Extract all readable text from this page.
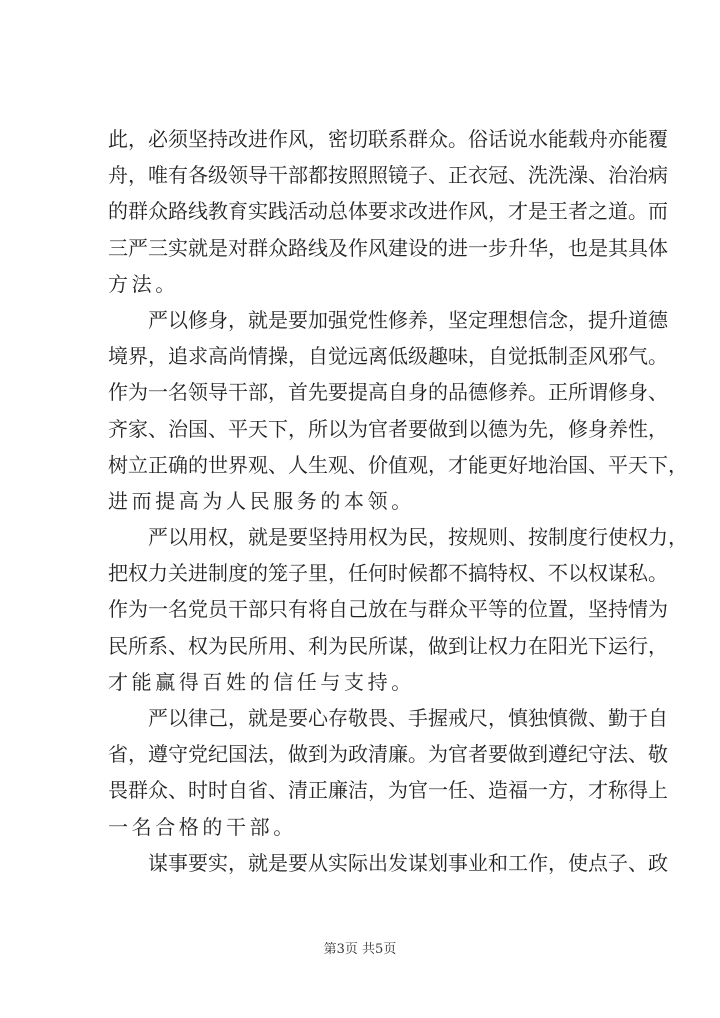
此，必须坚持改进作风，密切联系群众。俗话说水能载舟亦能覆
舟，唯有各级领导干部都按照照镜子、正衣冠、洗洗澡、治治病
的群众路线教育实践活动总体要求改进作风，才是王者之道。而
三严三实就是对群众路线及作风建设的进一步升华，也是其具体
方法。
严以修身，就是要加强党性修养，坚定理想信念，提升道德
境界，追求高尚情操，自觉远离低级趣味，自觉抵制歪风邪气。
作为一名领导干部，首先要提高自身的品德修养。正所谓修身、
齐家、治国、平天下，所以为官者要做到以德为先，修身养性，
树立正确的世界观、人生观、价值观，才能更好地治国、平天下，
进而提高为人民服务的本领。
严以用权，就是要坚持用权为民，按规则、按制度行使权力，
把权力关进制度的笼子里，任何时候都不搞特权、不以权谋私。
作为一名党员干部只有将自己放在与群众平等的位置，坚持情为
民所系、权为民所用、利为民所谋，做到让权力在阳光下运行，
才能赢得百姓的信任与支持。
严以律己，就是要心存敬畏、手握戒尺，慎独慎微、勤于自
省，遵守党纪国法，做到为政清廉。为官者要做到遵纪守法、敬
畏群众、时时自省、清正廉洁，为官一任、造福一方，才称得上
一名合格的干部。
谋事要实，就是要从实际出发谋划事业和工作，使点子、政
第3页 共5页
